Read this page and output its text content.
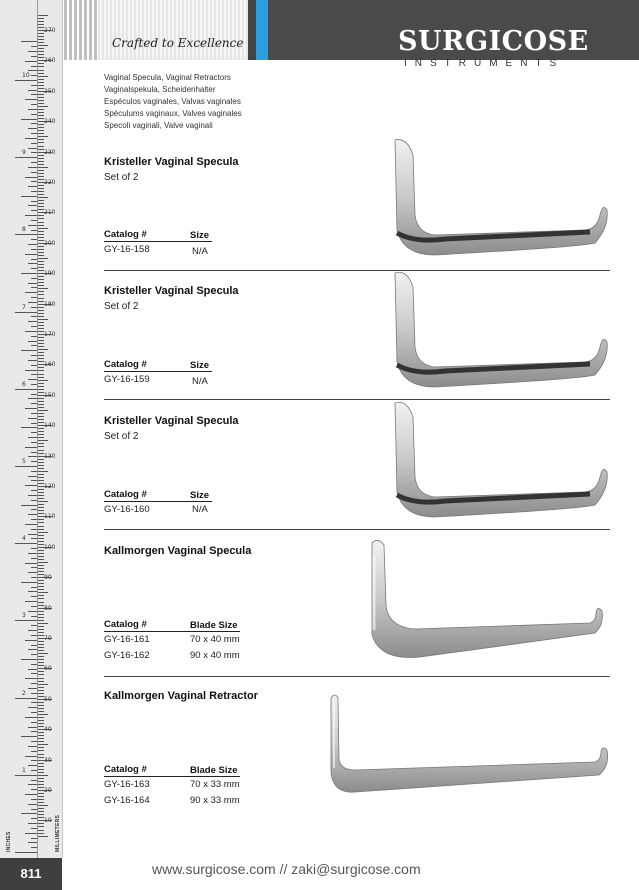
270
260
250
240
230
220
210
200
190
180
170
160
150
140
130
120
110
100
90
80
70
60
50
40
30
20
10
10
9
8
7
6
5
4
3
2
1
INCHES	MILLIMETERS
811
Crafted to Excellence	SURGICOSE
INSTRUMENTS
Vaginal Specula, Vaginal Retractors
Vaginalspekula, Scheidenhalter
Espéculos vaginales, Valvas vaginales
Spéculums vaginaux, Valves vaginales
Specoli vaginali, Valve vaginali
Kristeller Vaginal Specula
Set of 2
Catalog #	Size
GY-16-158	N/A
Kristeller Vaginal Specula
Set of 2
Catalog #	Size
GY-16-159	N/A
Kristeller Vaginal Specula
Set of 2
Catalog #	Size
GY-16-160	N/A
Kallmorgen Vaginal Specula
Catalog #	Blade Size
GY-16-161	70 x 40 mm
GY-16-162	90 x 40 mm
Kallmorgen Vaginal Retractor
Catalog #	Blade Size
GY-16-163	70 x 33 mm
GY-16-164	90 x 33 mm
www.surgicose.com // zaki@surgicose.com
